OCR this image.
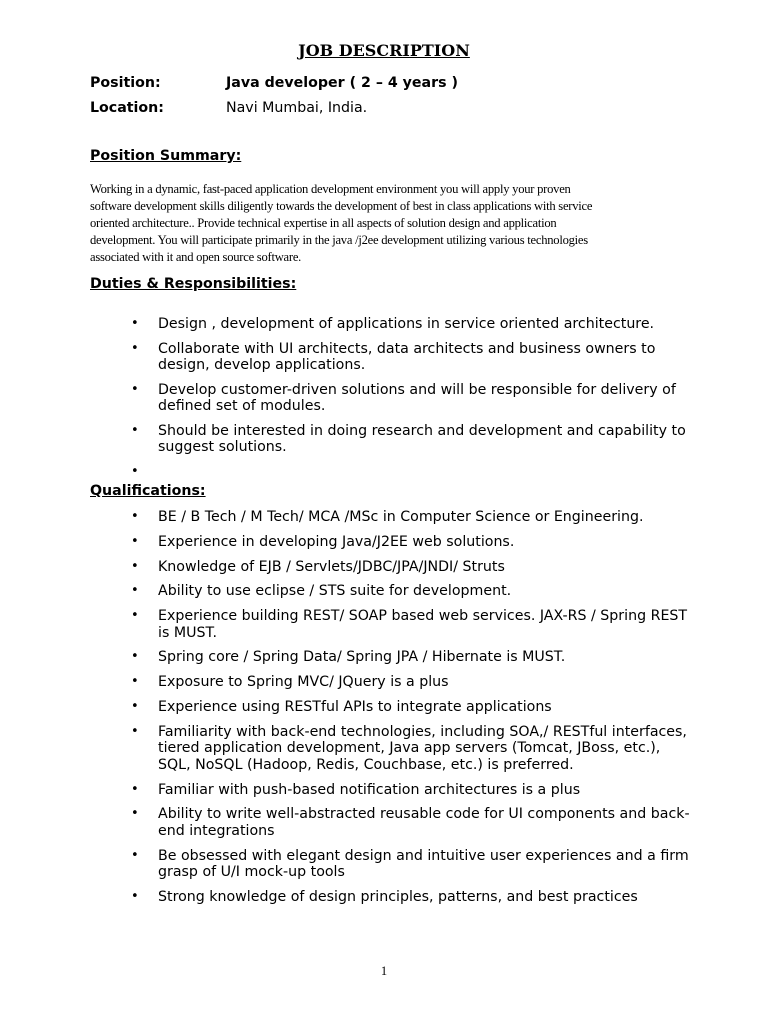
JOB DESCRIPTION
Position:	Java developer ( 2 – 4 years )
Location:	Navi Mumbai, India.
Position Summary:
Working in a dynamic, fast-paced application development environment you will apply your proven
software development skills diligently towards the development of best in class applications with service
oriented architecture.. Provide technical expertise in all aspects of solution design and application
development. You will participate primarily in the java /j2ee development utilizing various technologies
associated with it and open source software.
Duties & Responsibilities:
• Design , development of applications in service oriented architecture.
• Collaborate with UI architects, data architects and business owners to design, develop applications.
• Develop customer-driven solutions and will be responsible for delivery of defined set of modules.
• Should be interested in doing research and development and capability to suggest solutions.
•
Qualifications:
• BE / B Tech / M Tech/ MCA /MSc in Computer Science or Engineering.
• Experience in developing Java/J2EE web solutions.
• Knowledge of EJB / Servlets/JDBC/JPA/JNDI/ Struts
• Ability to use eclipse / STS suite for development.
• Experience building REST/ SOAP based web services. JAX-RS / Spring REST is MUST.
• Spring core / Spring Data/ Spring JPA / Hibernate is MUST.
• Exposure to Spring MVC/ JQuery is a plus
• Experience using RESTful APIs to integrate applications
• Familiarity with back-end technologies, including SOA,/ RESTful interfaces, tiered application development, Java app servers (Tomcat, JBoss, etc.), SQL, NoSQL (Hadoop, Redis, Couchbase, etc.) is preferred.
• Familiar with push-based notification architectures is a plus
• Ability to write well-abstracted reusable code for UI components and back-end integrations
• Be obsessed with elegant design and intuitive user experiences and a firm grasp of U/I mock-up tools
• Strong knowledge of design principles, patterns, and best practices
1
